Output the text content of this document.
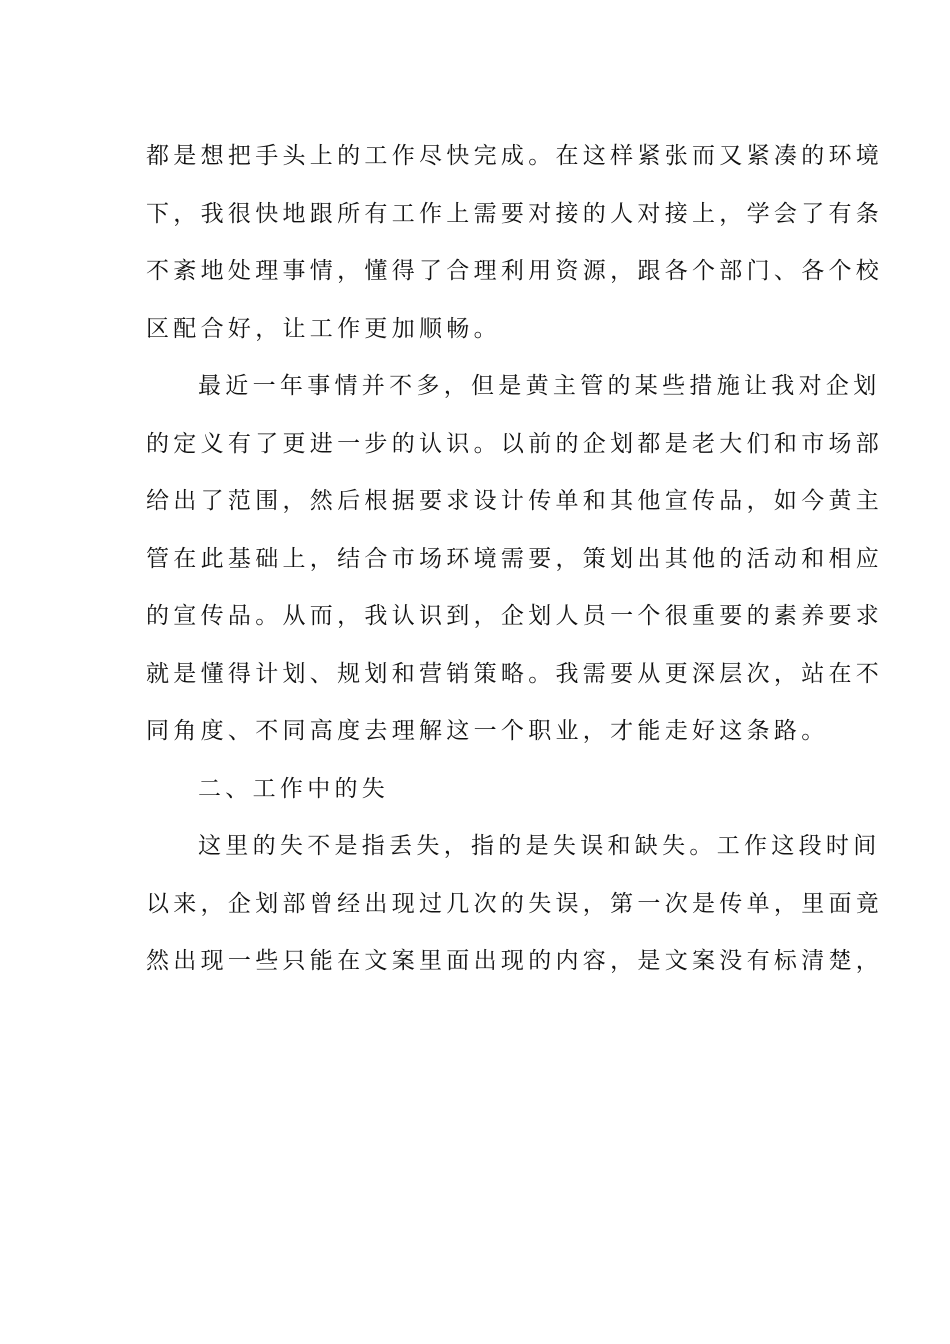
都是想把手头上的工作尽快完成。在这样紧张而又紧凑的环境
下，我很快地跟所有工作上需要对接的人对接上，学会了有条
不紊地处理事情，懂得了合理利用资源，跟各个部门、各个校
区配合好，让工作更加顺畅。
最近一年事情并不多，但是黄主管的某些措施让我对企划
的定义有了更进一步的认识。以前的企划都是老大们和市场部
给出了范围，然后根据要求设计传单和其他宣传品，如今黄主
管在此基础上，结合市场环境需要，策划出其他的活动和相应
的宣传品。从而，我认识到，企划人员一个很重要的素养要求
就是懂得计划、规划和营销策略。我需要从更深层次，站在不
同角度、不同高度去理解这一个职业，才能走好这条路。
二、工作中的失
这里的失不是指丢失，指的是失误和缺失。工作这段时间
以来，企划部曾经出现过几次的失误，第一次是传单，里面竟
然出现一些只能在文案里面出现的内容，是文案没有标清楚，
